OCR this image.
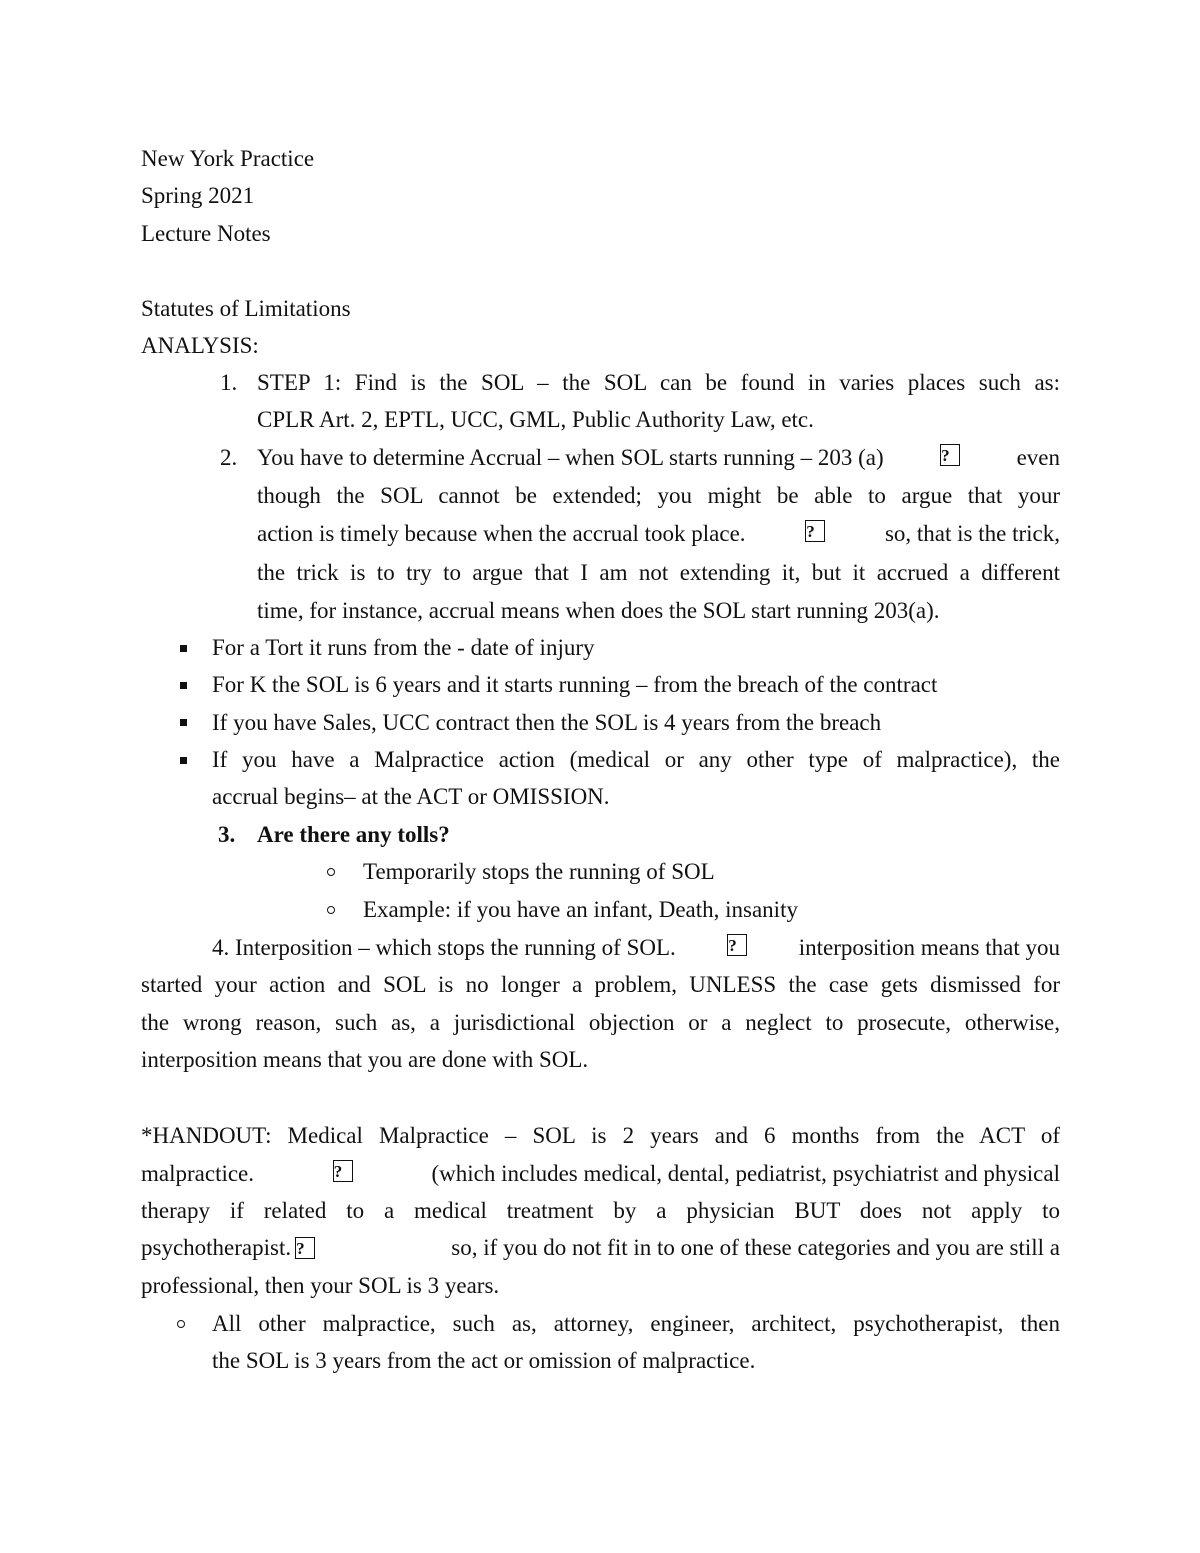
New York Practice
Spring 2021
Lecture Notes
Statutes of Limitations
ANALYSIS:
1. STEP 1: Find is the SOL – the SOL can be found in varies places such as:
CPLR Art. 2, EPTL, UCC, GML, Public Authority Law, etc.
2. You have to determine Accrual – when SOL starts running – 203 (a)	?	even
though the SOL cannot be extended; you might be able to argue that your
action is timely because when the accrual took place.	?	so, that is the trick,
the trick is to try to argue that I am not extending it, but it accrued a different
time, for instance, accrual means when does the SOL start running 203(a).
For a Tort it runs from the - date of injury
For K the SOL is 6 years and it starts running – from the breach of the contract
If you have Sales, UCC contract then the SOL is 4 years from the breach
If you have a Malpractice action (medical or any other type of malpractice), the
accrual begins– at the ACT or OMISSION.
3. Are there any tolls?
Temporarily stops the running of SOL
Example: if you have an infant, Death, insanity
4. Interposition – which stops the running of SOL.	?	interposition means that you
started your action and SOL is no longer a problem, UNLESS the case gets dismissed for
the wrong reason, such as, a jurisdictional objection or a neglect to prosecute, otherwise,
interposition means that you are done with SOL.
*HANDOUT: Medical Malpractice – SOL is 2 years and 6 months from the ACT of
malpractice.	?	(which includes medical, dental, pediatrist, psychiatrist and physical
therapy if related to a medical treatment by a physician BUT does not apply to
psychotherapist. ?	so, if you do not fit in to one of these categories and you are still a
professional, then your SOL is 3 years.
All other malpractice, such as, attorney, engineer, architect, psychotherapist, then
the SOL is 3 years from the act or omission of malpractice.
